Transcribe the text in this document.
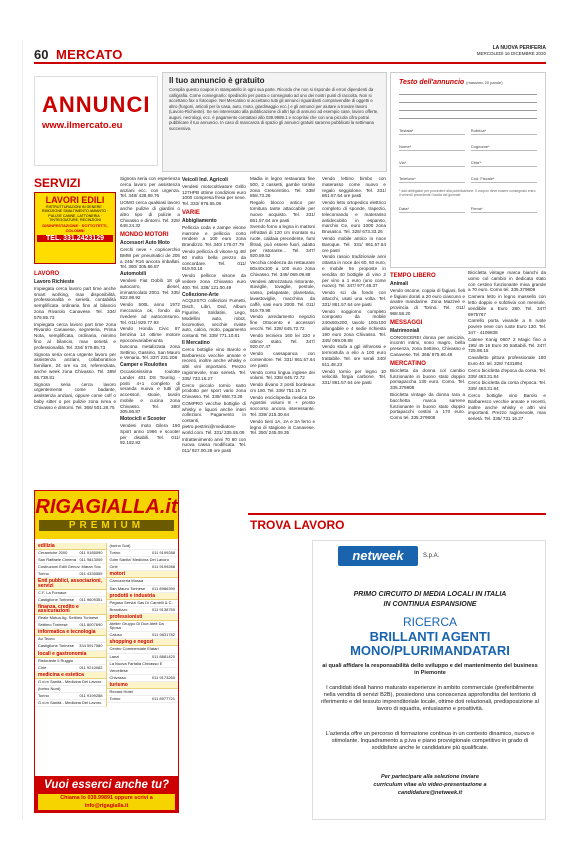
60 MERCATO	LA NUOVA PERIFERIA
MERCOLEDÌ 16 DICEMBRE 2020
ANNUNCI
www.ilmercato.eu
Il tuo annuncio è gratuito
Compila questo coupon in stampatello in ogni sua parte. Ricorda che non si risponde di errori dipendenti da calligrafia. Come consegnarlo: spediscilo per posta o consegnalo ad uno dei nostri punti di raccolta. Non si accettano fax o fotocopie. Nel Mercatino si accettano tutti gli annunci riguardanti compravendite di oggetti e altro (furgoni, articoli per la casa, auto, moto, giardinaggio ecc.) e gli annunci per aiutare a trovare lavoro (Lavoro-Richieste). Se sei interessato alla pubblicazione di altri tipi di annunci ad esempio case, lavoro offerte, auguri, necrologi, ecc. è pagamento contattaci allo 039.9989.1 e scoprirai che con una piccola cifra potrai pubblicare il tuo annuncio. In caso di mancanza di spazio gli annunci gratuiti saranno pubblicati la settimana successiva.
Testo dell'annuncio (massimo 20 parole)
Testata*	Rubrica*
Nome*	Cognome*
Via*	Citta'*
Telefono*	Cod. Fiscale*
* dati obbligatori per procedere alla pubblicazione. Il coupon deve essere consegnato entro il venerdì precedente l'uscita del giornale.
Data*	Firma*
SERVIZI
LAVORI EDILI
RISTRUTTURAZIONI IN GENERE · RIMOZIONE SMALTIMENTO AMIANTO · PULIZIE CANNE, LATTONERIA · TINTEGGIATURE, RECINZIONI
DISINFESTAZIONE · SOTTOTETTI, COLOMBI
TEL. 331.2423129
LAVORO
Lavoro Richieste
Impiegata cerca lavoro part time anche smart working, max disponibilità, professionalità e serietà, contabilità semplificata ordinaria fino al bilancio zona Rivarolo Canavese. Tel. 334/ 579.85.73
Impiegata cerca lavoro part time zona Rivarolo Canavese, segreteria, Prima Nota, semplificata, ordinaria, minimo fino al bilancio, max serietà e professionalità. Tel. 334/ 579.85.73
Signora seria cerca urgente lavoro per assistenza anziani, collaboratrice familiare, 24 ore su 24, referenziata, anche week zona Chivasso. Tel. 389/ 65.738.81
Signora seria cerca lavoro urgentemente come badante, assistenza anziani, oppure come colf o baby sitter o per pulizie zona Ivrea e Chivasso e dintorni. Tel. 366/ 501.28.75
Signora seria con esperienza cerca lavoro per assistenza anziani ecc. con urgenza. Tel. 348/ 438.89.76
UOMO cerca qualsiasi lavoro anche pulizie di giardini o altro tipo di pulizie a Chivasso e dintorni. Tel. 328/ 648.24.32
MONDO MOTORI
Accessori Auto Moto
Cerchi neve + copricerchio BMW per pneumatici de 205 a 245/ R16 ancora imballati. Tel. 380/ 305.86.87
Automobili
Vendesi Fiat Doblò 18 gli autocarro, diesel, immatricolato 2001. Tel. 335/ 822.98.92
Vendo 500L anno 1972 meccanica ok, fondo da rivedere ad autoconsumo. Tel. 011/ 929.77.93
Vendo Honda Civic 87 benzina 14 ottime motore epocoinvariabenunta buscona metalizzata zona Settimo, Gassino, San Mauro e Venaria. Tel. 337/ 231.208
Camper e Roulottes
Occasionissima roulotte Lander 401 DS Touring - posti 4+1 completo di veranda nuova e tutti gli accessori, stuoie, tavolo mobile e cucina zona Chivasso. Tel. 380/ 305.86.87
Motocicli e Scooter
Vendesi moto Gilera 150 Sport anno 1966 e scooter per disabili. Tel. 011/ 92.182.82
Veicoli Ind. Agricoli
Vendesi motocoltivatore Grillo 127HPB ottime condizioni euro 1000 compresa fresa per neve. Tel. 333/ 976.65.08
VARIE
Abbigliamento
Pelliccia coda e zampe visone marrone e pelliccia corto rendere a 100 euro zona Brandizzo. Tel. 340/ 176.07.79
Vendo pelliccia di visone tg 48/ 60 molto bella prezzo da concordare. Tel. 011/ 919.93.16
Vendo pellicce visone da vedere zona Chivasso euro 400. Tel. 338/ 121.00.49
Collezione-Arte
ACQUISTO collezioni Fumetti, Disch, Libri, Dvd, Album Figurine, Soldatini, Lego, Modellini auto, robot, locomotive, vecchie riviste auto, calcio, moto, pagamento contanti. Tel. 339/ 771.10.81
Il Mercatino
Cerco bottiglie vino Barolo e Barbaresco vecchie annate e recenti, inoltre anche whisky e altri vini importanti. Prezzo ragionevole, max serietà. Tel. 335/ 733.16.27
Cerco piccolo tornio sarto prodotto per sport vario zona Chivasso. Tel. 339/ 858.73.26
COMPRO vecchie bottiglie di whisky e liquori anche interi collezioni. Pagamento in contanti, pietro.pestrini@mediatore-world.com. Tel. 331/ 335.55.09
Intrattenimento anni 70 80 con nuova cassa modificata. Tel. 011/ 927.00.28 ore pasti
Madia in legno restaurata fine 500, 2 cassetti, gambe tornite zona Crescentino. Tel. 339/ 858.73.26
Regalo blocco antico per tornitura tante attaccabile per nuovo acquisto. Tel. 331/ 861.57.64 ore pasti
Svendo forno a legna in mattoni refrattari di 120 cm montato su ruote, caldaia precedente, fumi filtrati, può essere fuori, adatto per ristorante... Tel. 347/ 920.59.52
Vecchia credenza da restaurare 80x40x100 a 100 euro zona Chivasso. Tel. 349/ 069.09.88
Vendesi attrezzatura ristorante, stoviglie, tovaglie, pentole, vasso, pelapatate, planetaria, lavastoviglie, macchina da caffè, vasi euro 2000. Tel. 011/ 919.79.98
Vendo arredamento negozio fine Ottocento e accessori vecchi. Tel. 328/ 645.72.72
Vendo tecniera 160 lei 220 v ottimo stato. Tel. 347/ 920.07.47
Vendo cassapanca con contenitore. Tel. 331/ 861.57.64 ore pasti
Vendo corso lingua inglese dei volumi. Tel. 335/ 645.72.72
Vendo divano 2 posti bordeaux cm 180. Tel. 339/ 751.15.72
Vendo enciclopedia medica De Agostini volumi 8 + pronto soccorso ancora interessante. Tel. 339/ 215.30.64
Vendo tieni 1A, 2A e 3A ferro e legno di stagione in Canavese. Tel. 350/ 245.09.35
Vendo lettino bimbo con materasso come nuovo e regalo seggiolone. Tel. 331/ 861.57.64 ore pasti
Vendo letto ortopedico elettrico completo di sponde, trapezio, telecomando e materasso antidecubito in espanso, marchio Ce, euro 1000 zona Brusasco. Tel. 328/ 673.33.26
Vendo mobile antico in noce Baroque. Tel. 331/ 861.57.64 ore pasti
Vendo rasoio tradizionale anni ottanta in noce dei 60, 60 euro, e mobile tre proposte in vendita 40 bottiglie di vino 2 per vino a 1 euro (uno come nuovo). Tel. 347/ 977.48.37
Vendo sci da fondo con attacchi, usati una volta. Tel. 331/ 861.57.64 ore pasti
Vendo soggiorno completo composto da mobile 240x50x200, tavolo 100x100 allungabile e 4 sedie richiesta 190 euro zona Chivasso. Tel. 345/ 069.09.88
Vendo stufa a gpl infrarossi e termostufa a elio a 100 euro trattabile. Tel. ore serali 340/ 511.48.23
Vendo tornio per legno 10 velocità forgia carbone. Tel. 331/ 861.57.64 ore pasti
TEMPO LIBERO
Animali
Vendo oscone, coppia di fagiani, fieli e fagiani dorati a 20 euro ciascuno e anatre mandarine. Zona Mazzeè e provincia di Torino. Tel. 011/ 988.58.20
MESSAGGI
Matrimoniali
CONOSCEREI donna per amicizia, incontri intimi, sono magro, bella presenza, zona Settimo, Chivasso e Canavese. Tel. 366/ 975.66.48
MERCATINO
Bicicletta da donna col cambio funzionante in buono stato doppio pomapaccha 130 euro. Como. Tel. 335.379808
Bicicletta vintage da donna rara a bacchetta marca sarrene funzionante in buono stato doppio portapacchi cestini a 170 euro. Como tel. 335.379808
Bicicletta vintage marca bianchi da uomo col cambio in dedicata stato con cestino funzionante miva grande a 70 euro. Como tel. 335.379808
Camera letto in legno massello con letto doppio e sofdrivia con mensole, vendibile a Euro 280. Tel. 347/ 6975767
Carrello porta vivande a 6 ruote povere neve con ruote Euro 130. Tel. 347 - 4109838
Catene Konig 0607 2 Magic fino a 195/ 45 16 Euro 30 trattabili. Tel. 347/ 725.98.15
Cavalletto pittura professionale 180 Euro 40. tel. 328/ 7431894
Cerco bicicletta d'epoca da corsa. Tel. 339/ 463.31.84
Cerco biciclettа da corsa d'epoca. Tel. 339/ 463.31.84
Cerco bottiglie vino Barolo e Barbaresco vecchie annate e recenti, inoltre anche whisky e altri vini importanti. Prezzo ragionevole, max serietà. Tel. 335/ 731 16.27
RIGAGIALLA.it
PREMIUM
edilizia
Ceramiche 2000	011 9185090
San Raffaele Cimena 011 9813009
Costruzioni Edili Genov. Maran Snc
Torino	011 4335555
Enti pubblici, associazioni, servizi
C.F. La Fornace
Castiglione Torinese 011 9609351
finanza, credito e assicurazioni
Reale Mutua Ag. Settimo Torinese
Settimo Torinese	011 8007690
informatica e tecnologia
Au Tecno
Castiglione Torinese 334 5917580
locali e gastronomia
Ristorante Il Ruggio
Cirié	011 9210082
medicina e estetica
G.d.m Sanità - Medicina Del Lavoro
(torino Nord)
Torino	011 9199288
G.d.m Sanità - Medicina Del Lavoro
(torino Sud)
Torino	011 9199288
Gdm Sanità' Medicina Del Lavoro
Cirié	011 9199288
motori
Carrozzeria Mossa
San Mauro Torinese 011 8986390
prodotti e industria
Pegaso Servizi Sas Di Carnelli & C.
Brandizzo	011 9138750
professionisti
Atelier Gruppo Di Due Atelt Da Sposa
Caluso	011 9831782
shopping e negozi
Centro Commerciale Elatari
Lanzi	011 8881420
La Nuova Farfalla Chivasso E
Vercellese
Chivasso	011 9173260
turismo
Recard Hotel
Torino	011 8977721
Vuoi esserci anche tu?
Chiama lo 039.99891 oppure scrivi a info@rigagialla.it
TROVA LAVORO
netweek	S.p.A.
PRIMO CIRCUITO DI MEDIA LOCALI IN ITALIA
IN CONTINUA ESPANSIONE
RICERCA
BRILLANTI AGENTI
MONO/PLURIMANDATARI
ai quali affidare la responsabilità dello sviluppo e del mantenimento del business in Piemonte
I candidati ideali hanno maturato esperienze in ambito commerciale (preferibilmente nella vendita di servizi B2B), possiedono una conoscenza approfondita del territorio di riferimento e del tessuto imprenditoriale locale, ottime doti relazionali, predisposizione al lavoro di squadra, entusiasmo e proattività.
L'azienda offre un percorso di formazione continua in un contesto dinamico, nuovo e stimolante. Inquadramento a p.iva e piano provvigionale competitivo in grado di soddisfare anche le candidature più qualificate.
Per partecipare alla selezione inviare
curriculum vitae e/o video-presentazione a
candidature@netweek.it
